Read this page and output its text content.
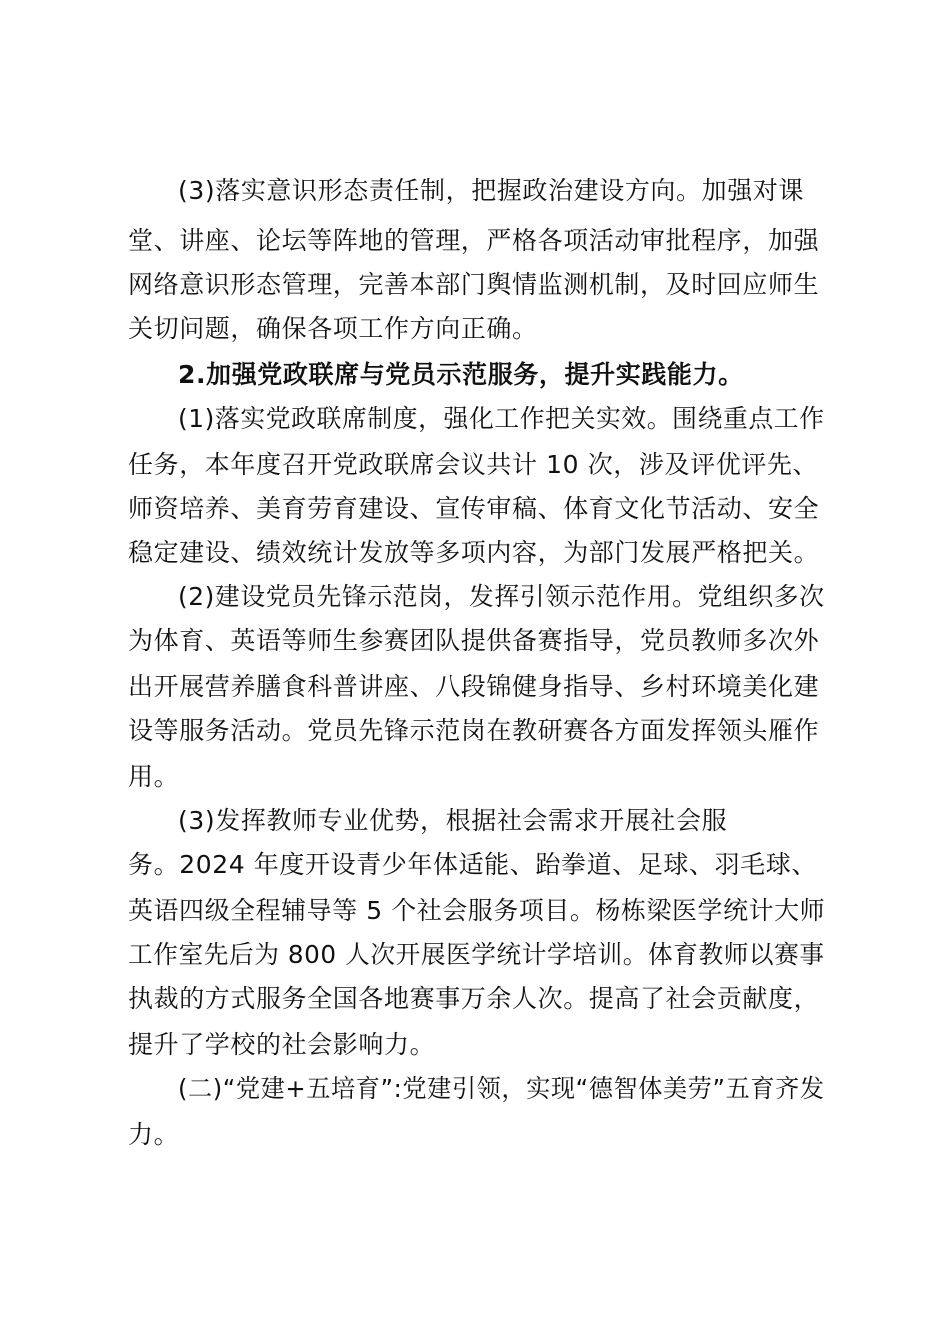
(3)落实意识形态责任制，把握政治建设方向。加强对课
堂、讲座、论坛等阵地的管理，严格各项活动审批程序，加强
网络意识形态管理，完善本部门舆情监测机制，及时回应师生
关切问题，确保各项工作方向正确。
2.加强党政联席与党员示范服务，提升实践能力。
(1)落实党政联席制度，强化工作把关实效。围绕重点工作
任务，本年度召开党政联席会议共计 10 次，涉及评优评先、
师资培养、美育劳育建设、宣传审稿、体育文化节活动、安全
稳定建设、绩效统计发放等多项内容，为部门发展严格把关。
(2)建设党员先锋示范岗，发挥引领示范作用。党组织多次
为体育、英语等师生参赛团队提供备赛指导，党员教师多次外
出开展营养膳食科普讲座、八段锦健身指导、乡村环境美化建
设等服务活动。党员先锋示范岗在教研赛各方面发挥领头雁作
用。
(3)发挥教师专业优势，根据社会需求开展社会服
务。2024 年度开设青少年体适能、跆拳道、足球、羽毛球、
英语四级全程辅导等 5 个社会服务项目。杨栋梁医学统计大师
工作室先后为 800 人次开展医学统计学培训。体育教师以赛事
执裁的方式服务全国各地赛事万余人次。提高了社会贡献度，
提升了学校的社会影响力。
(二)“党建+五培育”:党建引领，实现“德智体美劳”五育齐发
力。
